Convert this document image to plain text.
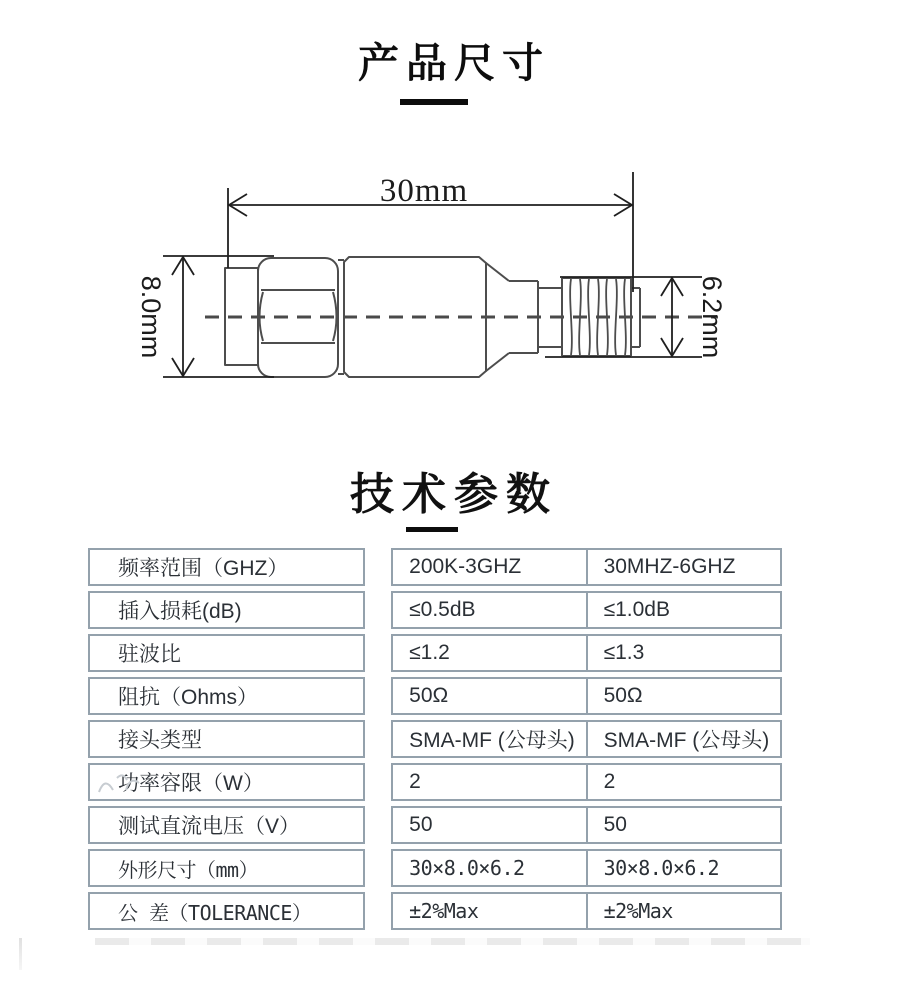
产品尺寸
30mm
8.0mm	6.2mm
技术参数
频率范围（GHZ）	200K-3GHZ	30MHZ-6GHZ
插入损耗(dB)	≤0.5dB	≤1.0dB
驻波比	≤1.2	≤1.3
阻抗（Ohms）	50Ω	50Ω
接头类型	SMA-MF (公母头)	SMA-MF (公母头)
功率容限（W）	2	2
测试直流电压（V）	50	50
外形尺寸（mm）	30×8.0×6.2	30×8.0×6.2
公 差（TOLERANCE）	±2%Max	±2%Max
